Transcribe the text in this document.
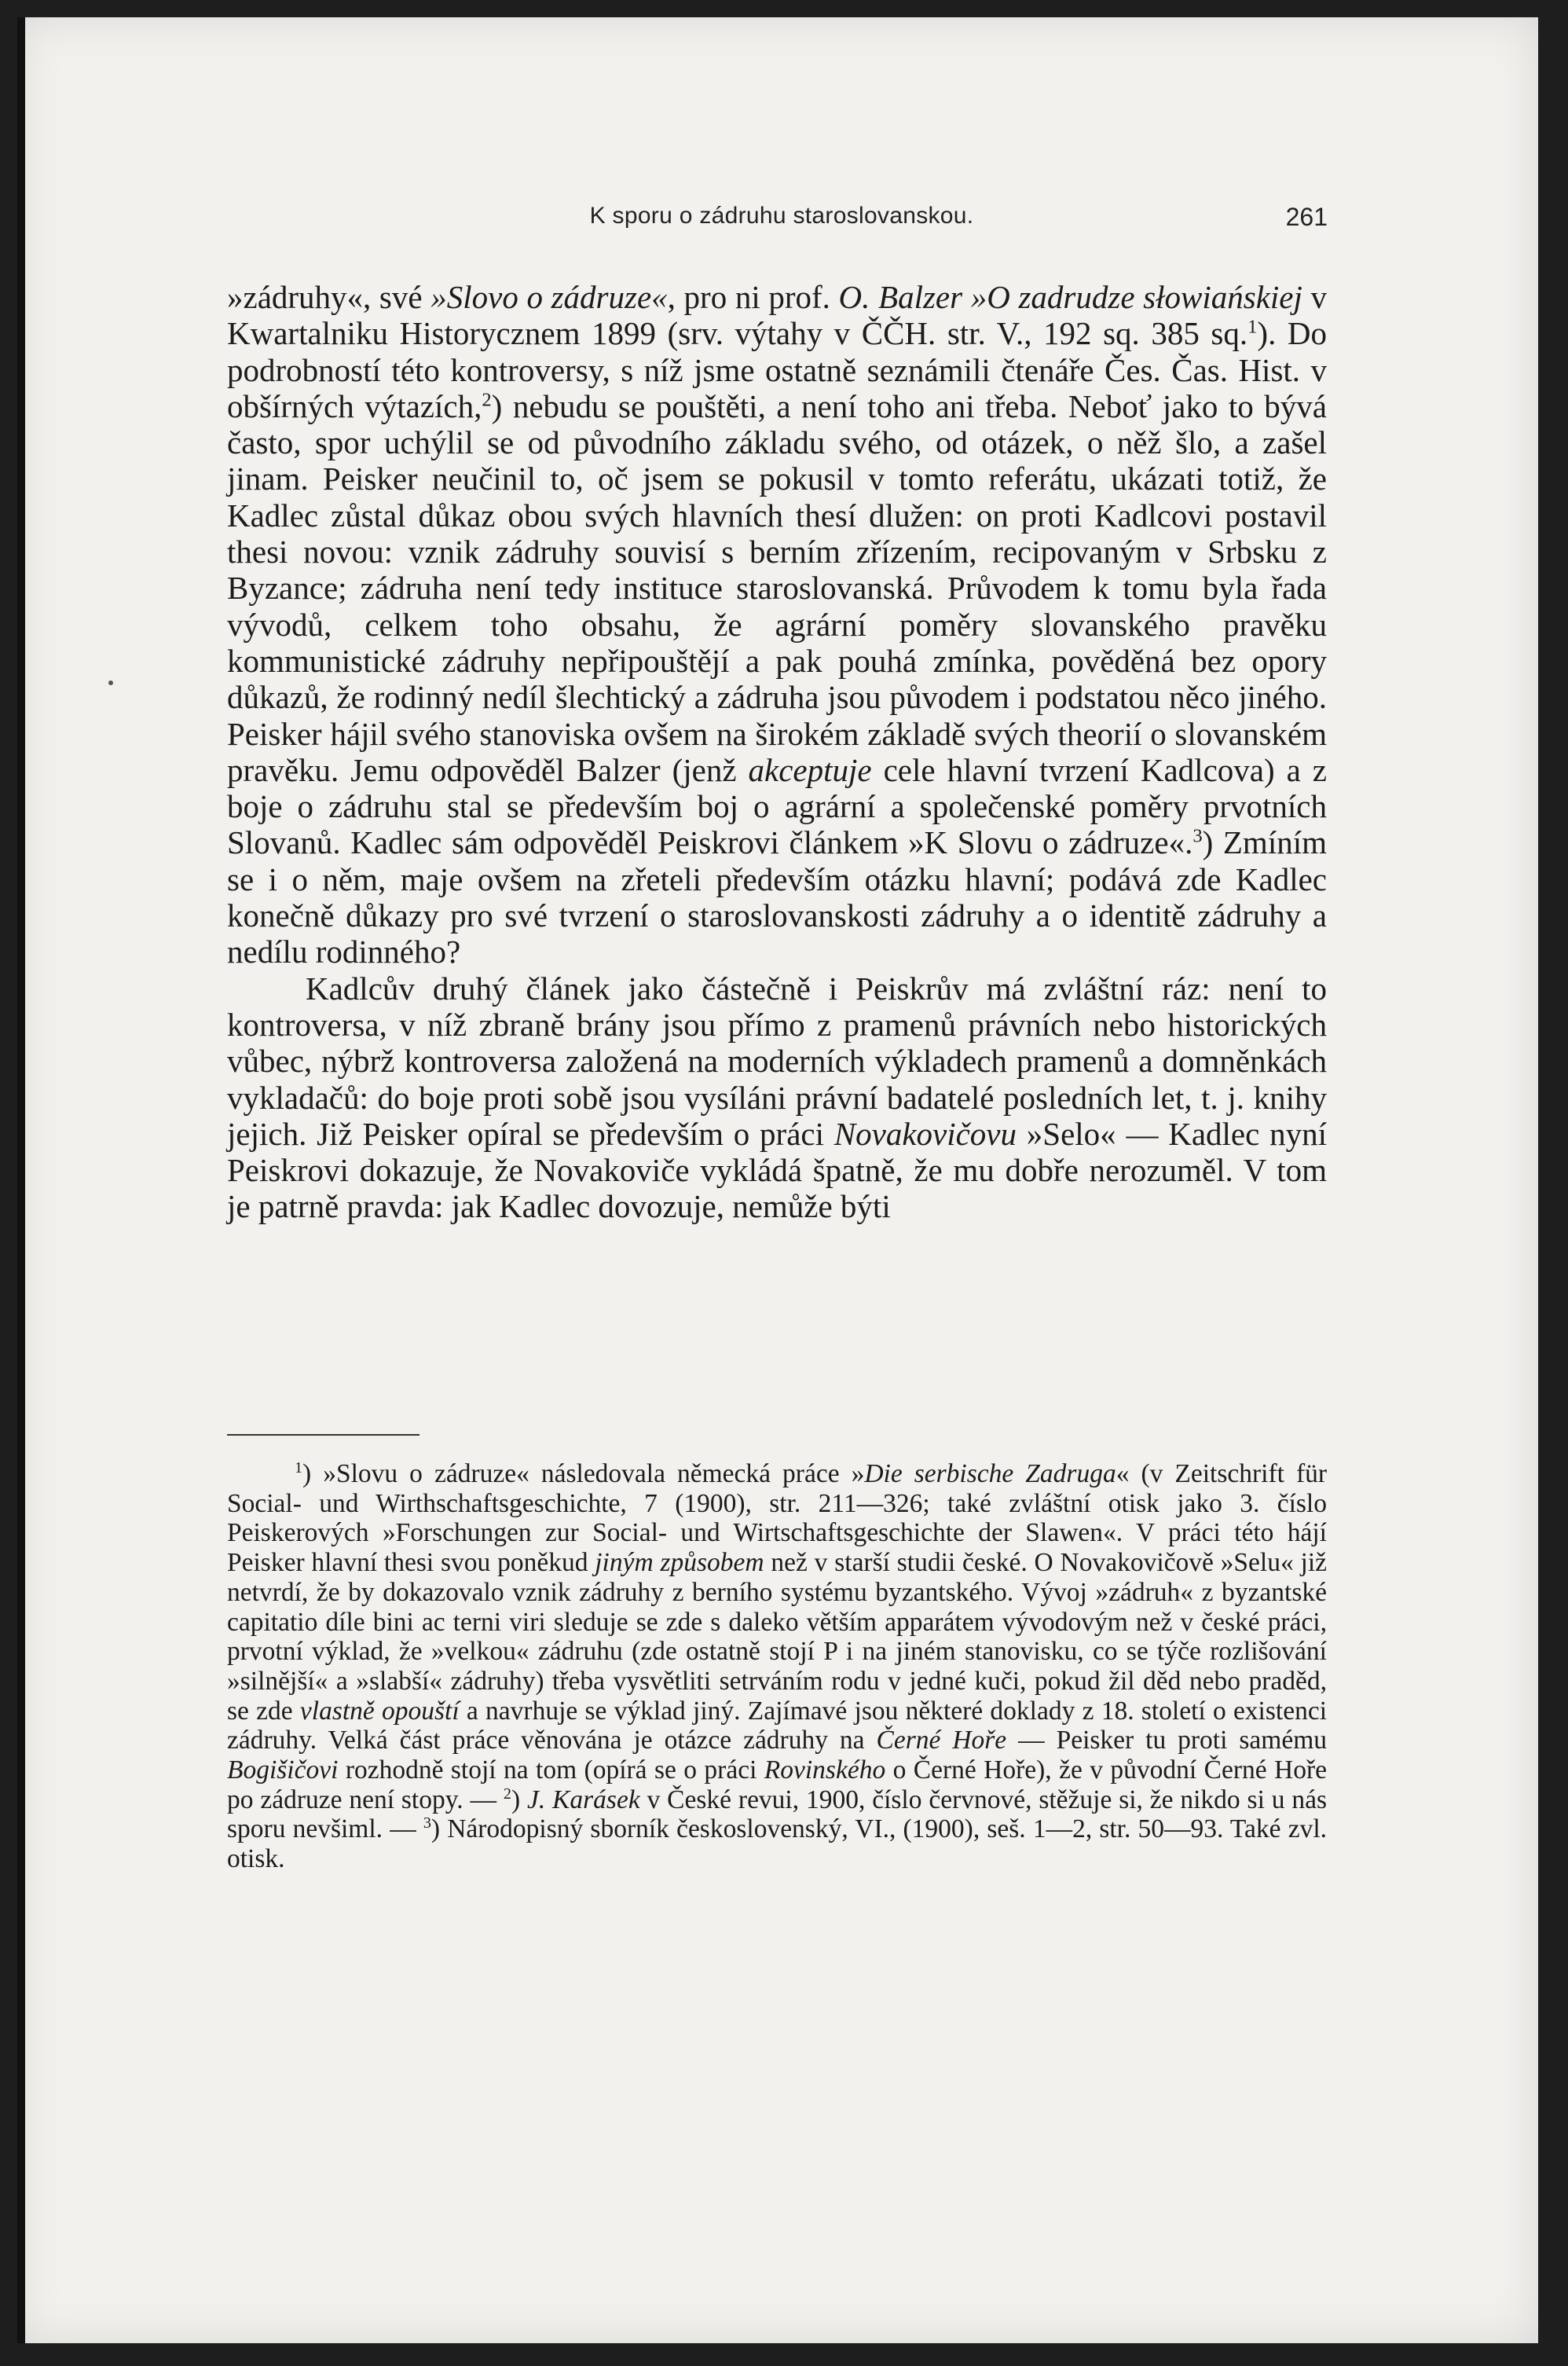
K sporu o zádruhu staroslovanskou.	261

»zádruhy«, své »Slovo o zádruze«, pro ni prof. O. Balzer »O zadrudze słowiańskiej v Kwartalniku Historycznem 1899 (srv. výtahy v ČČH. str. V., 192 sq. 385 sq.$^1$). Do podrobností této kontroversy, s níž jsme ostatně seznámili čtenáře Čes. Čas. Hist. v obšírných výtazích,$^2$) nebudu se pouštěti, a není toho ani třeba. Neboť jako to bývá často, spor uchýlil se od původního základu svého, od otázek, o něž šlo, a zašel jinam. Peisker neučinil to, oč jsem se pokusil v tomto referátu, ukázati totiž, že Kadlec zůstal důkaz obou svých hlavních thesí dlužen: on proti Kadlcovi postavil thesi novou: vznik zádruhy souvisí s berním zřízením, recipovaným v Srbsku z Byzance; zádruha není tedy instituce staroslovanská. Průvodem k tomu byla řada vývodů, celkem toho obsahu, že agrární poměry slovanského pravěku kommunistické zádruhy nepřipouštějí a pak pouhá zmínka, pověděná bez opory důkazů, že rodinný nedíl šlechtický a zádruha jsou původem i podstatou něco jiného. Peisker hájil svého stanoviska ovšem na širokém základě svých theorií o slovanském pravěku. Jemu odpověděl Balzer (jenž akceptuje cele hlavní tvrzení Kadlcova) a z boje o zádruhu stal se především boj o agrární a společenské poměry prvotních Slovanů. Kadlec sám odpověděl Peiskrovi článkem »K Slovu o zádruze«.$^3$) Zmíním se i o něm, maje ovšem na zřeteli především otázku hlavní; podává zde Kadlec konečně důkazy pro své tvrzení o staroslovanskosti zádruhy a o identitě zádruhy a nedílu rodinného?

Kadlcův druhý článek jako částečně i Peiskrův má zvláštní ráz: není to kontroversa, v níž zbraně brány jsou přímo z pramenů právních nebo historických vůbec, nýbrž kontroversa založená na moderních výkladech pramenů a domněnkách vykladačů: do boje proti sobě jsou vysíláni právní badatelé posledních let, t. j. knihy jejich. Již Peisker opíral se především o práci Novakovičovu »Selo« — Kadlec nyní Peiskrovi dokazuje, že Novakoviče vykládá špatně, že mu dobře nerozuměl. V tom je patrně pravda: jak Kadlec dovozuje, nemůže býti

$^1$) »Slovu o zádruze« následovala německá práce »Die serbische Zadruga« (v Zeitschrift für Social- und Wirthschaftsgeschichte, 7 (1900), str. 211—326; také zvláštní otisk jako 3. číslo Peiskerových »Forschungen zur Social- und Wirtschaftsgeschichte der Slawen«. V práci této hájí Peisker hlavní thesi svou poněkud jiným způsobem než v starší studii české. O Novakovičově »Selu« již netvrdí, že by dokazovalo vznik zádruhy z berního systému byzantského. Vývoj »zádruh« z byzantské capitatio díle bini ac terni viri sleduje se zde s daleko větším apparátem vývodovým než v české práci, prvotní výklad, že »velkou« zádruhu (zde ostatně stojí P i na jiném stanovisku, co se týče rozlišování »silnější« a »slabší« zádruhy) třeba vysvětliti setrváním rodu v jedné kuči, pokud žil děd nebo praděd, se zde vlastně opouští a navrhuje se výklad jiný. Zajímavé jsou některé doklady z 18. století o existenci zádruhy. Velká část práce věnována je otázce zádruhy na Černé Hoře — Peisker tu proti samému Bogišičovi rozhodně stojí na tom (opírá se o práci Rovinského o Černé Hoře), že v původní Černé Hoře po zádruze není stopy. — $^2$) J. Karásek v České revui, 1900, číslo červnové, stěžuje si, že nikdo si u nás sporu nevšiml. — $^3$) Národopisný sborník československý, VI., (1900), seš. 1—2, str. 50—93. Také zvl. otisk.
